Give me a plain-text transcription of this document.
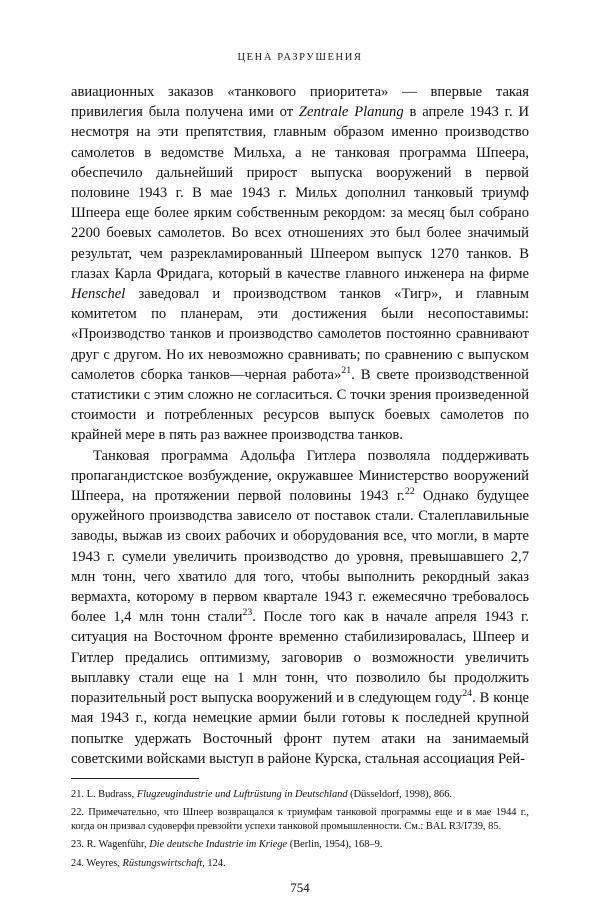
ЦЕНА РАЗРУШЕНИЯ

авиационных заказов «танкового приоритета» — впервые такая привилегия была получена ими от Zentrale Planung в апреле 1943 г. И несмотря на эти препятствия, главным образом именно производство самолетов в ведомстве Мильха, а не танковая программа Шпеера, обеспечило дальнейший прирост выпуска вооружений в первой половине 1943 г. В мае 1943 г. Мильх дополнил танковый триумф Шпеера еще более ярким собственным рекордом: за месяц был собрано 2200 боевых самолетов. Во всех отношениях это был более значимый результат, чем разрекламированный Шпеером выпуск 1270 танков. В глазах Карла Фридага, который в качестве главного инженера на фирме Henschel заведовал и производством танков «Тигр», и главным комитетом по планерам, эти достижения были несопоставимы: «Производство танков и производство самолетов постоянно сравнивают друг с другом. Но их невозможно сравнивать; по сравнению с выпуском самолетов сборка танков—черная работа»$^{21}$. В свете производственной статистики с этим сложно не согласиться. С точки зрения произведенной стоимости и потребленных ресурсов выпуск боевых самолетов по крайней мере в пять раз важнее производства танков.

Танковая программа Адольфа Гитлера позволяла поддерживать пропагандистское возбуждение, окружавшее Министерство вооружений Шпеера, на протяжении первой половины 1943 г.$^{22}$ Однако будущее оружейного производства зависело от поставок стали. Сталеплавильные заводы, выжав из своих рабочих и оборудования все, что могли, в марте 1943 г. сумели увеличить производство до уровня, превышавшего 2,7 млн тонн, чего хватило для того, чтобы выполнить рекордный заказ вермахта, которому в первом квартале 1943 г. ежемесячно требовалось более 1,4 млн тонн стали$^{23}$. После того как в начале апреля 1943 г. ситуация на Восточном фронте временно стабилизировалась, Шпеер и Гитлер предались оптимизму, заговорив о возможности увеличить выплавку стали еще на 1 млн тонн, что позволило бы продолжить поразительный рост выпуска вооружений и в следующем году$^{24}$. В конце мая 1943 г., когда немецкие армии были готовы к последней крупной попытке удержать Восточный фронт путем атаки на занимаемый советскими войсками выступ в районе Курска, стальная ассоциация Рей-

21. L. Budrass, Flugzeugindustrie und Luftrüstung in Deutschland (Düsseldorf, 1998), 866.

22. Примечательно, что Шпеер возвращался к триумфам танковой программы еще и в мае 1944 г., когда он призвал судоверфи превзойти успехи танковой промышленности. См.: BAL R3/I739, 85.

23. R. Wagenführ, Die deutsche Industrie im Kriege (Berlin, 1954), 168–9.

24. Weyres, Rüstungswirtschaft, 124.

754
